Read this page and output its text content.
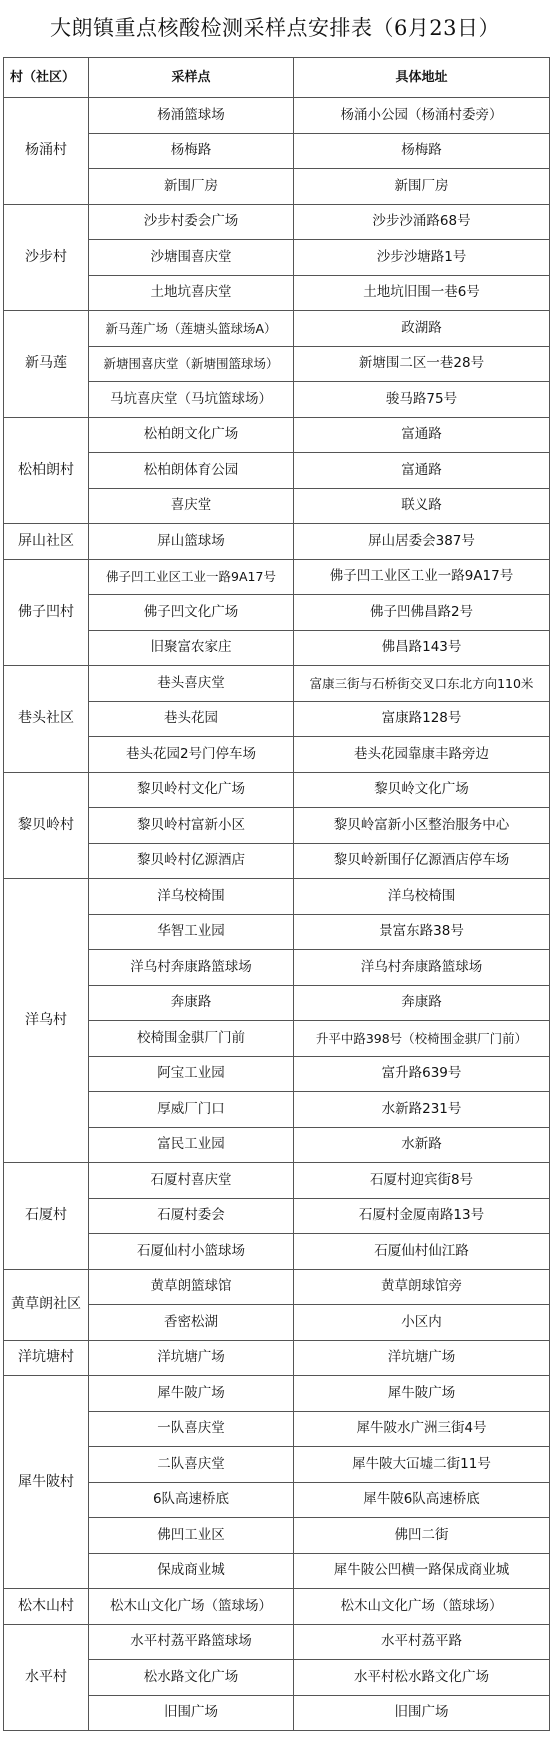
大朗镇重点核酸检测采样点安排表（6月23日）
村（社区）	采样点	具体地址
杨涌村	杨涌篮球场	杨涌小公园（杨涌村委旁）
	杨梅路	杨梅路
	新围厂房	新围厂房
沙步村	沙步村委会广场	沙步沙涌路68号
	沙塘围喜庆堂	沙步沙塘路1号
	土地坑喜庆堂	土地坑旧围一巷6号
新马莲	新马莲广场（莲塘头篮球场A）	政湖路
	新塘围喜庆堂（新塘围篮球场）	新塘围二区一巷28号
	马坑喜庆堂（马坑篮球场）	骏马路75号
松柏朗村	松柏朗文化广场	富通路
	松柏朗体育公园	富通路
	喜庆堂	联义路
屏山社区	屏山篮球场	屏山居委会387号
佛子凹村	佛子凹工业区工业一路9A17号	佛子凹工业区工业一路9A17号
	佛子凹文化广场	佛子凹佛昌路2号
	旧聚富农家庄	佛昌路143号
巷头社区	巷头喜庆堂	富康三街与石桥街交叉口东北方向110米
	巷头花园	富康路128号
	巷头花园2号门停车场	巷头花园靠康丰路旁边
黎贝岭村	黎贝岭村文化广场	黎贝岭文化广场
	黎贝岭村富新小区	黎贝岭富新小区整治服务中心
	黎贝岭村亿源酒店	黎贝岭新围仔亿源酒店停车场
洋乌村	洋乌校椅围	洋乌校椅围
	华智工业园	景富东路38号
	洋乌村奔康路篮球场	洋乌村奔康路篮球场
	奔康路	奔康路
	校椅围金骐厂门前	升平中路398号（校椅围金骐厂门前）
	阿宝工业园	富升路639号
	厚威厂门口	水新路231号
	富民工业园	水新路
石厦村	石厦村喜庆堂	石厦村迎宾街8号
	石厦村委会	石厦村金厦南路13号
	石厦仙村小篮球场	石厦仙村仙江路
黄草朗社区	黄草朗篮球馆	黄草朗球馆旁
	香密松湖	小区内
洋坑塘村	洋坑塘广场	洋坑塘广场
犀牛陂村	犀牛陂广场	犀牛陂广场
	一队喜庆堂	犀牛陂水广洲三街4号
	二队喜庆堂	犀牛陂大冚墟二街11号
	6队高速桥底	犀牛陂6队高速桥底
	佛凹工业区	佛凹二街
	保成商业城	犀牛陂公凹横一路保成商业城
松木山村	松木山文化广场（篮球场）	松木山文化广场（篮球场）
水平村	水平村荔平路篮球场	水平村荔平路
	松水路文化广场	水平村松水路文化广场
	旧围广场	旧围广场
